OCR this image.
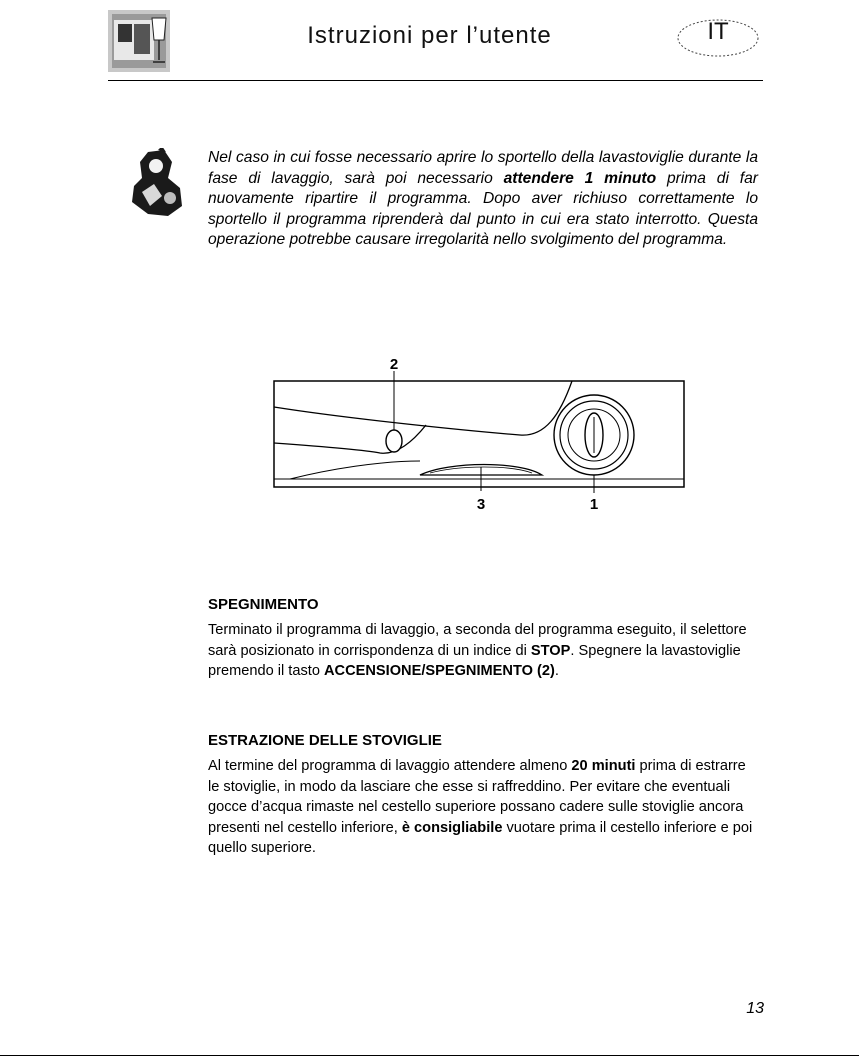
Istruzioni per l’utente	IT
Nel caso in cui fosse necessario aprire lo sportello della lavastoviglie durante la fase di lavaggio, sarà poi necessario attendere 1 minuto prima di far nuovamente ripartire il programma. Dopo aver richiuso correttamente lo sportello il programma riprenderà dal punto in cui era stato interrotto. Questa operazione potrebbe causare irregolarità nello svolgimento del programma.
2
3	1
SPEGNIMENTO
Terminato il programma di lavaggio, a seconda del programma eseguito, il selettore sarà posizionato in corrispondenza di un indice di STOP. Spegnere la lavastoviglie premendo il tasto ACCENSIONE/SPEGNIMENTO (2).
ESTRAZIONE DELLE STOVIGLIE
Al termine del programma di lavaggio attendere almeno 20 minuti prima di estrarre le stoviglie, in modo da lasciare che esse si raffreddino. Per evitare che eventuali gocce d’acqua rimaste nel cestello superiore possano cadere sulle stoviglie ancora presenti nel cestello inferiore, è consigliabile vuotare prima il cestello inferiore e poi quello superiore.
13
